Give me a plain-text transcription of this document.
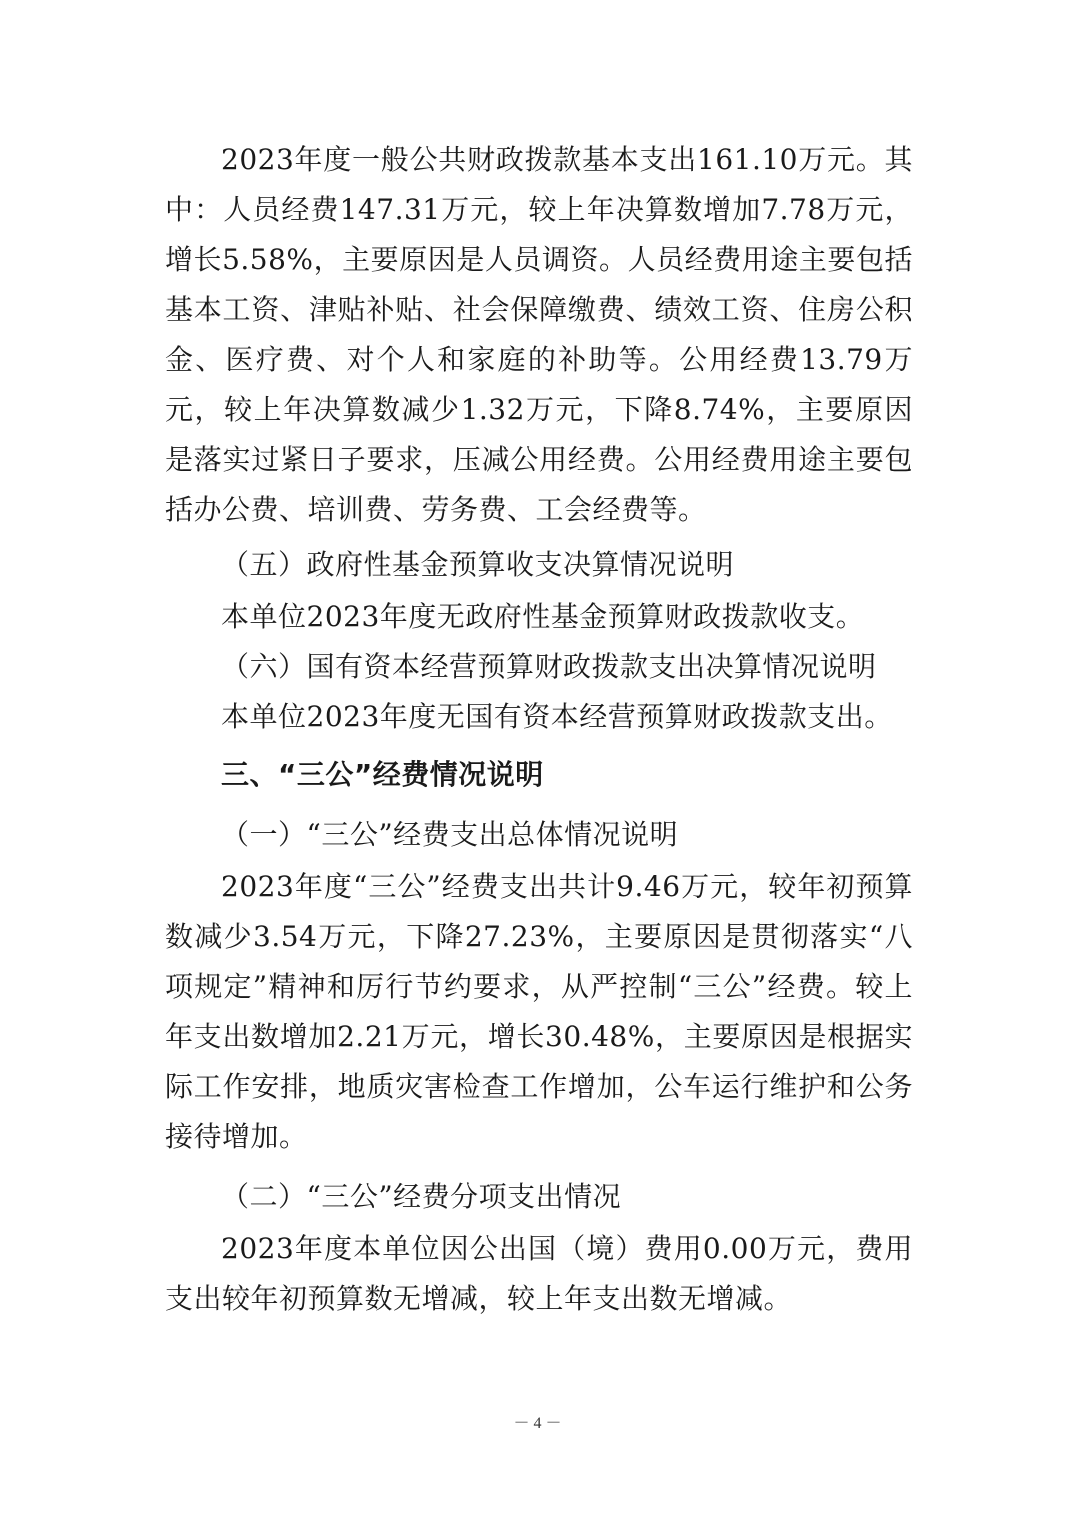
2023年度一般公共财政拨款基本支出161.10万元。其中：人员经费147.31万元，较上年决算数增加7.78万元，增长5.58%，主要原因是人员调资。人员经费用途主要包括基本工资、津贴补贴、社会保障缴费、绩效工资、住房公积金、医疗费、对个人和家庭的补助等。公用经费13.79万元，较上年决算数减少1.32万元，下降8.74%，主要原因是落实过紧日子要求，压减公用经费。公用经费用途主要包括办公费、培训费、劳务费、工会经费等。

（五）政府性基金预算收支决算情况说明

本单位2023年度无政府性基金预算财政拨款收支。

（六）国有资本经营预算财政拨款支出决算情况说明

本单位2023年度无国有资本经营预算财政拨款支出。

三、“三公”经费情况说明

（一）“三公”经费支出总体情况说明

2023年度“三公”经费支出共计9.46万元，较年初预算数减少3.54万元，下降27.23%，主要原因是贯彻落实“八项规定”精神和厉行节约要求，从严控制“三公”经费。较上年支出数增加2.21万元，增长30.48%，主要原因是根据实际工作安排，地质灾害检查工作增加，公车运行维护和公务接待增加。

（二）“三公”经费分项支出情况

2023年度本单位因公出国（境）费用0.00万元，费用支出较年初预算数无增减，较上年支出数无增减。

－ 4 －
